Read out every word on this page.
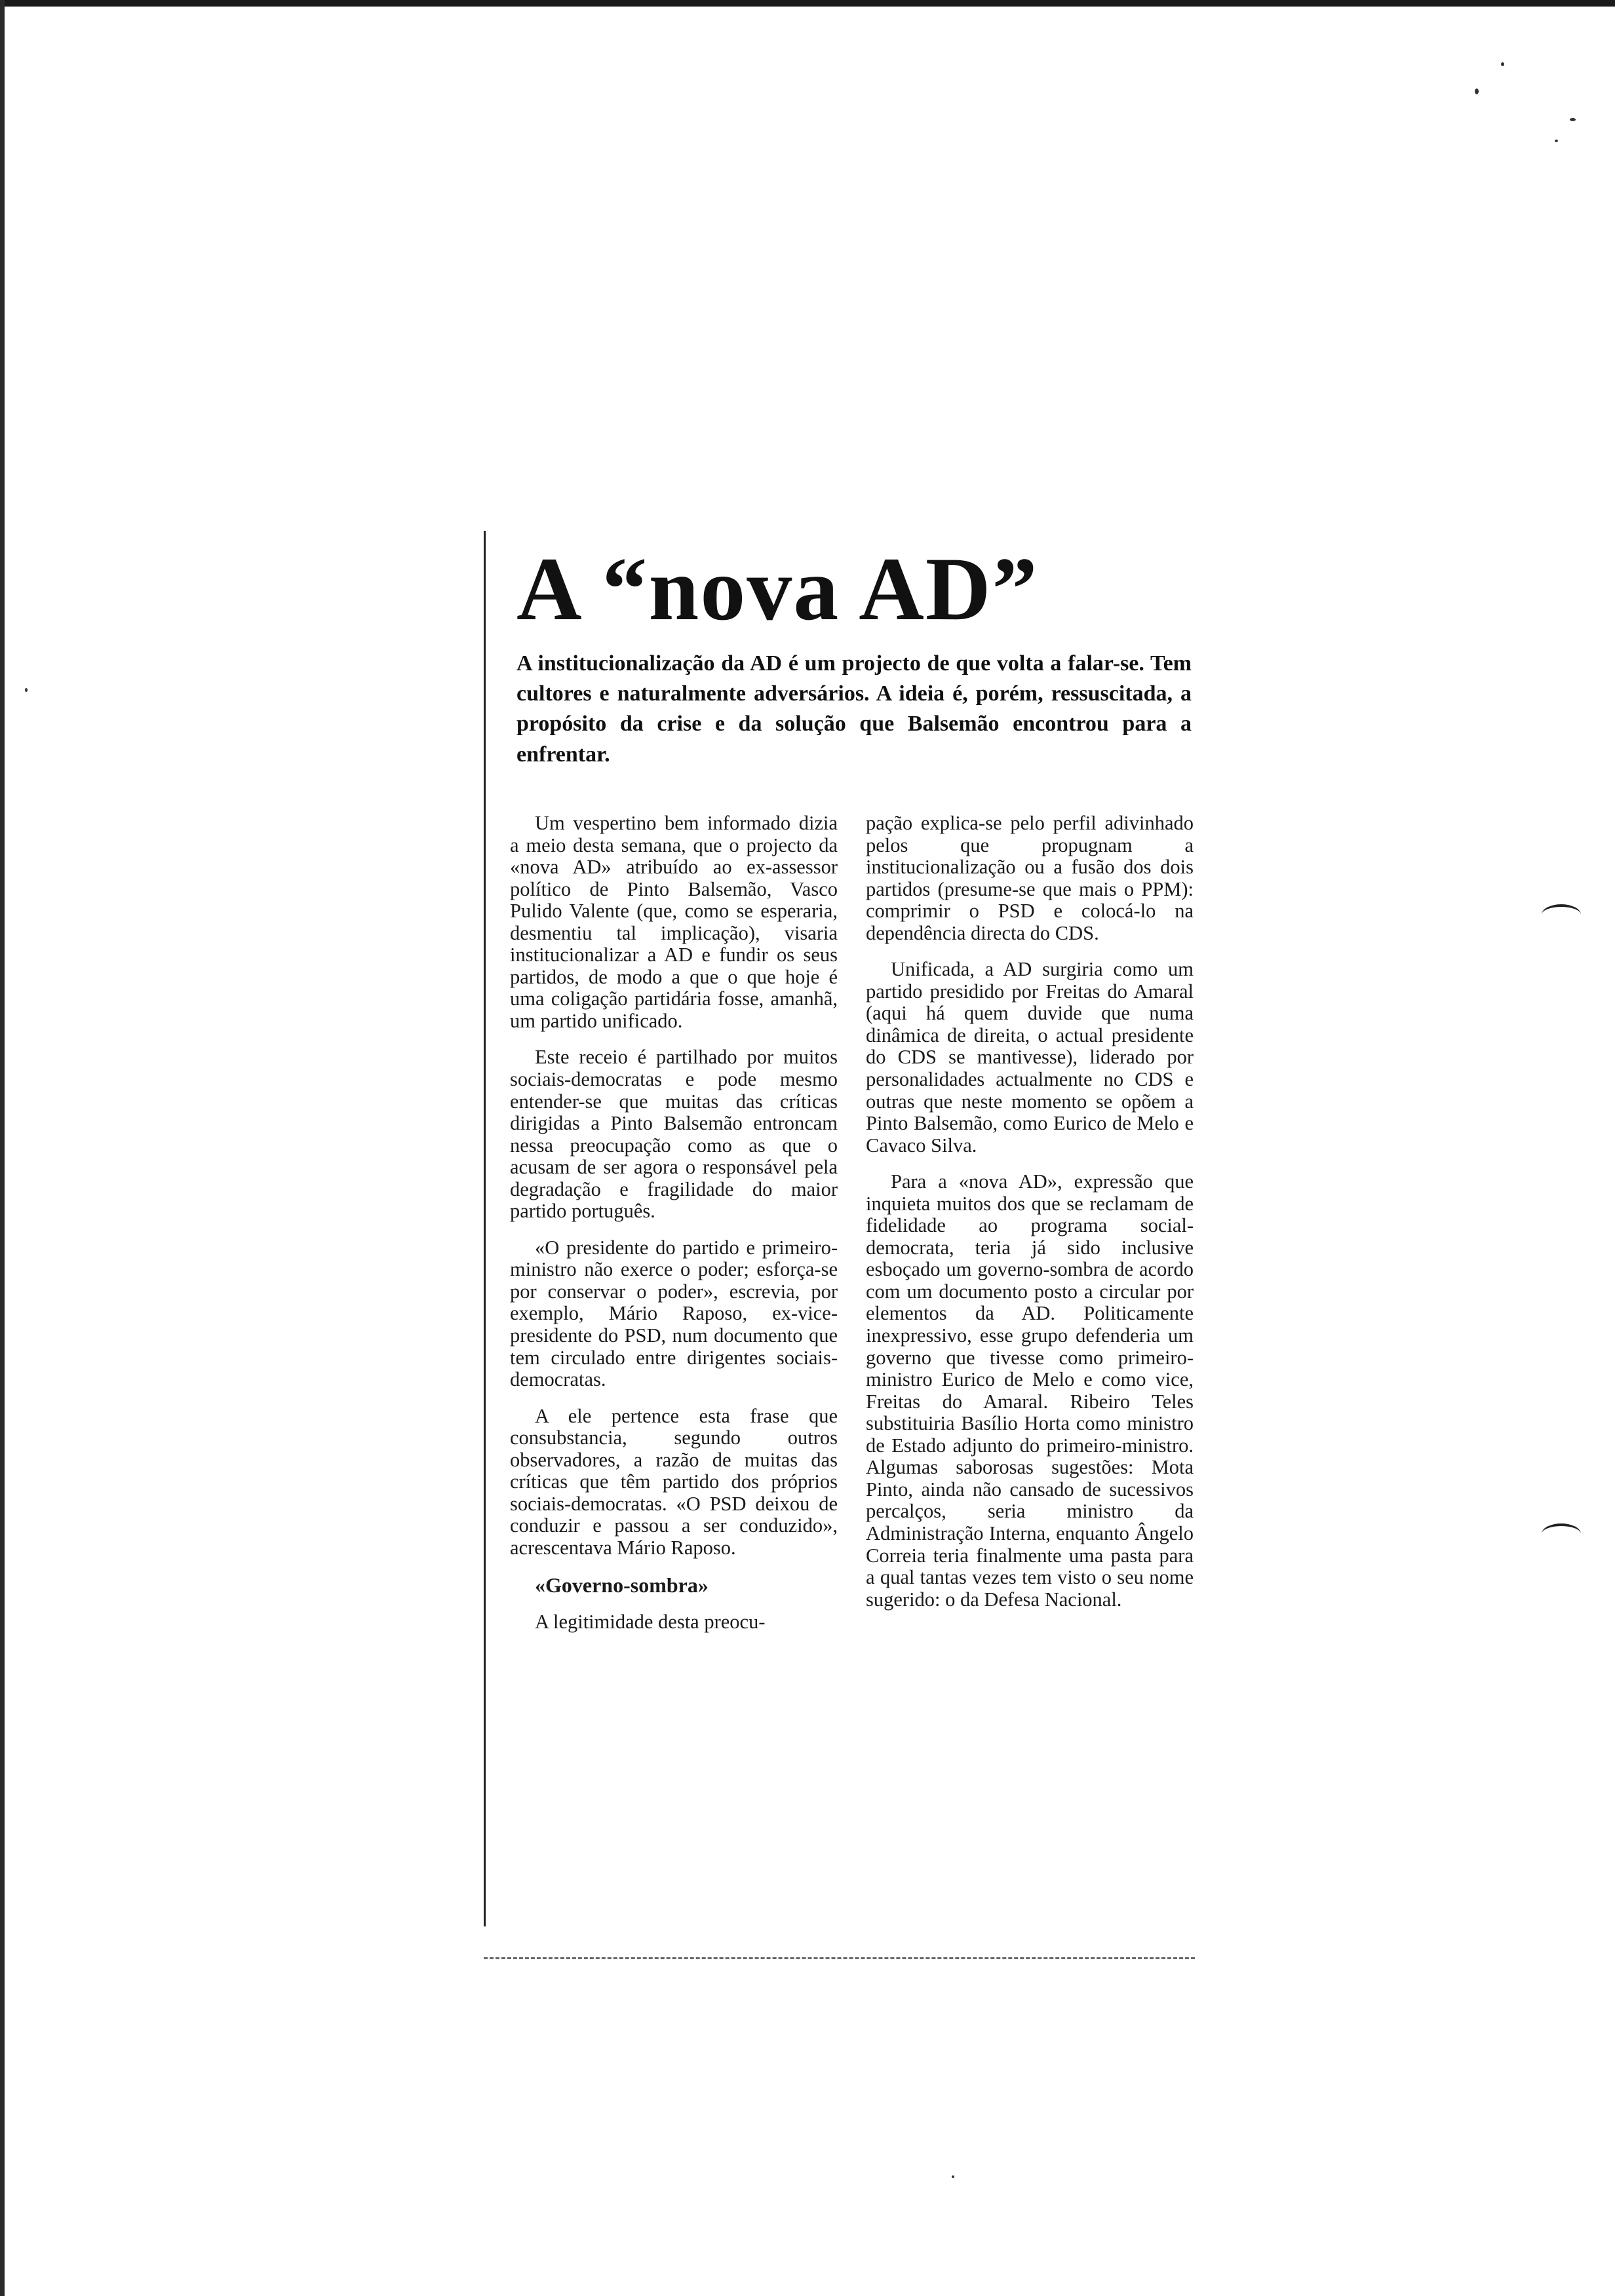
A “nova AD”

A institucionalização da AD é um projecto de que volta a falar-se. Tem cultores e naturalmente adversários. A ideia é, porém, ressuscitada, a propósito da crise e da solução que Balsemão encontrou para a enfrentar.

Um vespertino bem informado dizia a meio desta semana, que o projecto da «nova AD» atribuído ao ex-assessor político de Pinto Balsemão, Vasco Pulido Valente (que, como se esperaria, desmentiu tal implicação), visaria institucionalizar a AD e fundir os seus partidos, de modo a que o que hoje é uma coligação partidária fosse, amanhã, um partido unificado.

Este receio é partilhado por muitos sociais-democratas e pode mesmo entender-se que muitas das críticas dirigidas a Pinto Balsemão entroncam nessa preocupação como as que o acusam de ser agora o responsável pela degradação e fragilidade do maior partido português.

«O presidente do partido e primeiro-ministro não exerce o poder; esforça-se por conservar o poder», escrevia, por exemplo, Mário Raposo, ex-vice-presidente do PSD, num documento que tem circulado entre dirigentes sociais-democratas.

A ele pertence esta frase que consubstancia, segundo outros observadores, a razão de muitas das críticas que têm partido dos próprios sociais-democratas. «O PSD deixou de conduzir e passou a ser conduzido», acrescentava Mário Raposo.

«Governo-sombra»

A legitimidade desta preocu-

pação explica-se pelo perfil adivinhado pelos que propugnam a institucionalização ou a fusão dos dois partidos (presume-se que mais o PPM): comprimir o PSD e colocá-lo na dependência directa do CDS.

Unificada, a AD surgiria como um partido presidido por Freitas do Amaral (aqui há quem duvide que numa dinâmica de direita, o actual presidente do CDS se mantivesse), liderado por personalidades actualmente no CDS e outras que neste momento se opõem a Pinto Balsemão, como Eurico de Melo e Cavaco Silva.

Para a «nova AD», expressão que inquieta muitos dos que se reclamam de fidelidade ao programa social-democrata, teria já sido inclusive esboçado um governo-sombra de acordo com um documento posto a circular por elementos da AD. Politicamente inexpressivo, esse grupo defenderia um governo que tivesse como primeiro-ministro Eurico de Melo e como vice, Freitas do Amaral. Ribeiro Teles substituiria Basílio Horta como ministro de Estado adjunto do primeiro-ministro. Algumas saborosas sugestões: Mota Pinto, ainda não cansado de sucessivos percalços, seria ministro da Administração Interna, enquanto Ângelo Correia teria finalmente uma pasta para a qual tantas vezes tem visto o seu nome sugerido: o da Defesa Nacional.
